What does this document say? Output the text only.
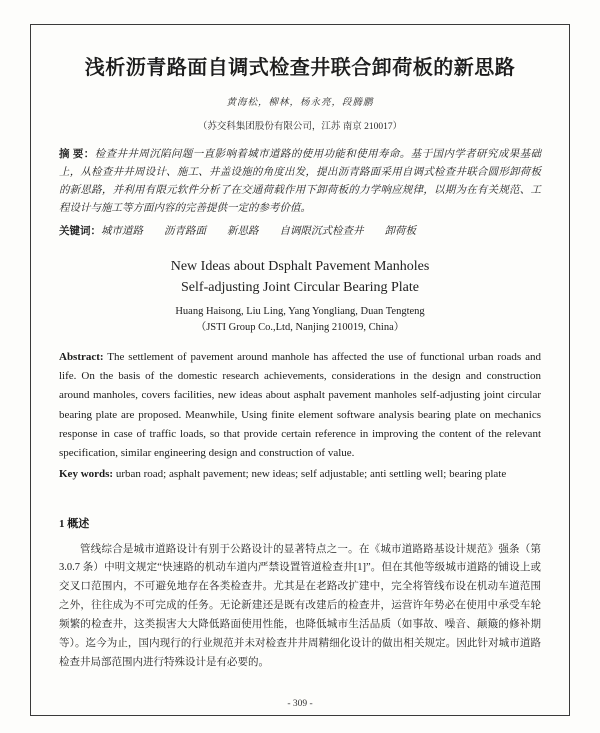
浅析沥青路面自调式检查井联合卸荷板的新思路
黄海松，柳林，杨永亮，段腾鹏
（苏交科集团股份有限公司，江苏 南京 210017）
摘 要：检查井井周沉陷问题一直影响着城市道路的使用功能和使用寿命。基于国内学者研究成果基础上，从检查井井周设计、施工、井盖设施的角度出发，提出沥青路面采用自调式检查井联合圆形卸荷板的新思路，并利用有限元软件分析了在交通荷载作用下卸荷板的力学响应规律，以期为在有关规范、工程设计与施工等方面内容的完善提供一定的参考价值。
关键词：城市道路　　沥青路面　　新思路　　自调限沉式检查井　　卸荷板
New Ideas about Dsphalt Pavement Manholes
Self-adjusting Joint Circular Bearing Plate
Huang Haisong, Liu Ling, Yang Yongliang, Duan Tengteng
（JSTI Group Co.,Ltd, Nanjing 210019, China）
Abstract: The settlement of pavement around manhole has affected the use of functional urban roads and life. On the basis of the domestic research achievements, considerations in the design and construction around manholes, covers facilities, new ideas about asphalt pavement manholes self-adjusting joint circular bearing plate are proposed. Meanwhile, Using finite element software analysis bearing plate on mechanics response in case of traffic loads, so that provide certain reference in improving the content of the relevant specification, similar engineering design and construction of value.
Key words: urban road; asphalt pavement; new ideas; self adjustable; anti settling well; bearing plate
1 概述
管线综合是城市道路设计有别于公路设计的显著特点之一。在《城市道路路基设计规范》强条（第 3.0.7 条）中明文规定“快速路的机动车道内严禁设置管道检查井[1]”。但在其他等级城市道路的铺设上或交叉口范围内，不可避免地存在各类检查井。尤其是在老路改扩建中，完全将管线布设在机动车道范围之外，往往成为不可完成的任务。无论新建还是既有改建后的检查井，运营许年势必在使用中承受车轮频繁的检查井，这类损害大大降低路面使用性能，也降低城市生活品质（如事故、噪音、颠簸的修补期等）。迄今为止，国内现行的行业规范并未对检查井井周精细化设计的做出相关规定。因此针对城市道路检查井局部范围内进行特殊设计是有必要的。
- 309 -
